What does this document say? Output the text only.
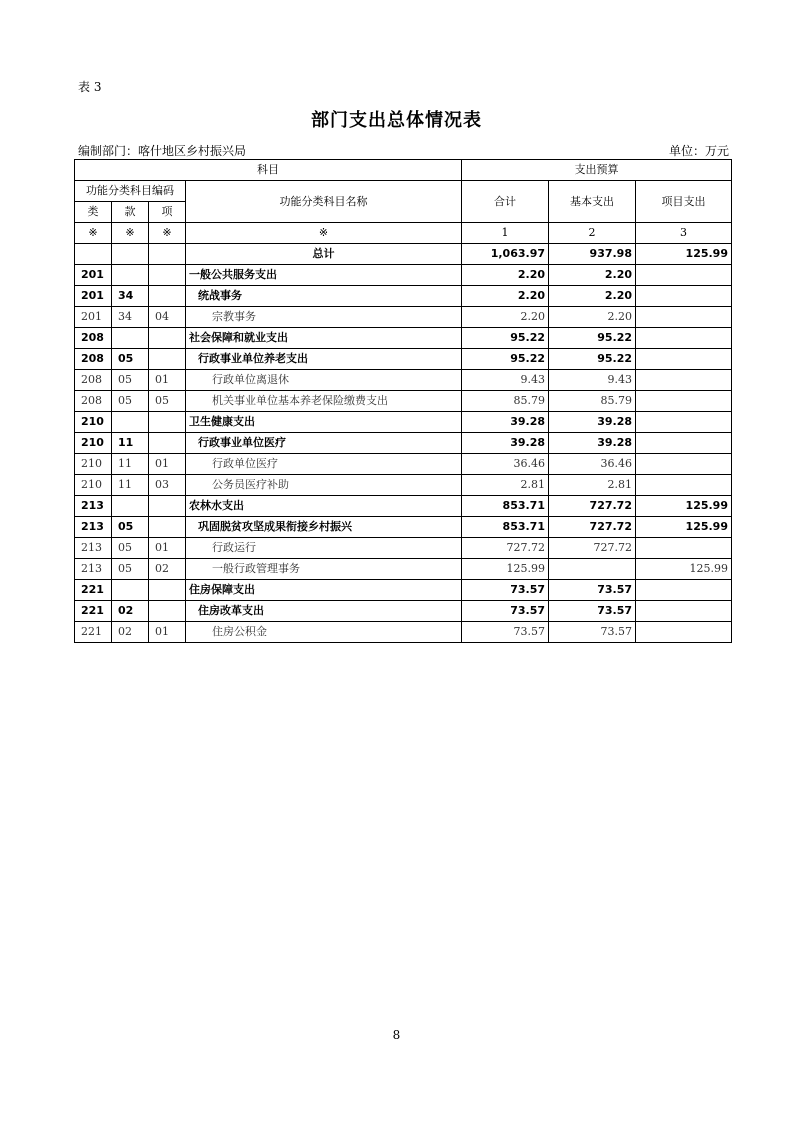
表 3
部门支出总体情况表
编制部门：喀什地区乡村振兴局	单位：万元
科目				支出预算		
功能分类科目编码			功能分类科目名称	合计	基本支出	项目支出
类	款	项				
※	※	※	※	1	2	3
			总计	1,063.97	937.98	125.99
201			一般公共服务支出	2.20	2.20	
201	34		统战事务	2.20	2.20	
201	34	04	宗教事务	2.20	2.20	
208			社会保障和就业支出	95.22	95.22	
208	05		行政事业单位养老支出	95.22	95.22	
208	05	01	行政单位离退休	9.43	9.43	
208	05	05	机关事业单位基本养老保险缴费支出	85.79	85.79	
210			卫生健康支出	39.28	39.28	
210	11		行政事业单位医疗	39.28	39.28	
210	11	01	行政单位医疗	36.46	36.46	
210	11	03	公务员医疗补助	2.81	2.81	
213			农林水支出	853.71	727.72	125.99
213	05		巩固脱贫攻坚成果衔接乡村振兴	853.71	727.72	125.99
213	05	01	行政运行	727.72	727.72	
213	05	02	一般行政管理事务	125.99		125.99
221			住房保障支出	73.57	73.57	
221	02		住房改革支出	73.57	73.57	
221	02	01	住房公积金	73.57	73.57	
8
